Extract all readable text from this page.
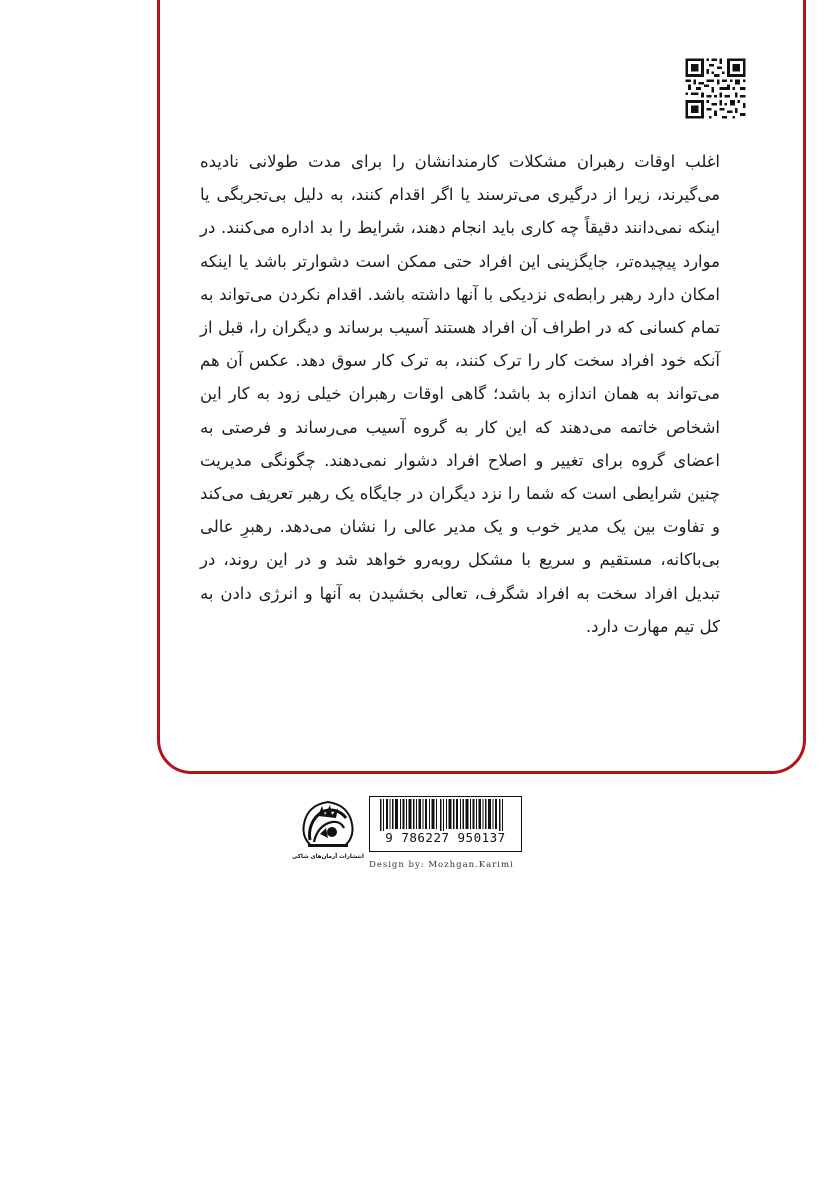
اغلب اوقات رهبران مشکلات کارمندانشان را برای مدت طولانی نادیده می‌گیرند، زیرا از درگیری می‌ترسند یا اگر اقدام کنند، به دلیل بی‌تجربگی یا اینکه نمی‌دانند دقیقاً چه کاری باید انجام دهند، شرایط را بد اداره می‌کنند. در موارد پیچیده‌تر، جایگزینی این افراد حتی ممکن است دشوارتر باشد یا اینکه امکان دارد رهبر رابطه‌ی نزدیکی با آنها داشته باشد. اقدام نکردن می‌تواند به تمام کسانی که در اطراف آن افراد هستند آسیب برساند و دیگران را، قبل از آنکه خود افراد سخت کار را ترک کنند، به ترک کار سوق دهد. عکس آن هم می‌تواند به همان اندازه بد باشد؛ گاهی اوقات رهبران خیلی زود به کار این اشخاص خاتمه می‌دهند که این کار به گروه آسیب می‌رساند و فرصتی به اعضای گروه برای تغییر و اصلاح افراد دشوار نمی‌دهند. چگونگی مدیریت چنین شرایطی است که شما را نزد دیگران در جایگاه یک رهبر تعریف می‌کند و تفاوت بین یک مدیر خوب و یک مدیر عالی را نشان می‌دهد. رهبرِ عالی بی‌باکانه، مستقیم و سریع با مشکل روبه‌رو خواهد شد و در این روند، در تبدیل افراد سخت به افراد شگرف، تعالی بخشیدن به آنها و انرژی دادن به کل تیم مهارت دارد.

انتشارات آرمان‌های شاکی
9 786227 950137
Design by: Mozhgan.Karimi
